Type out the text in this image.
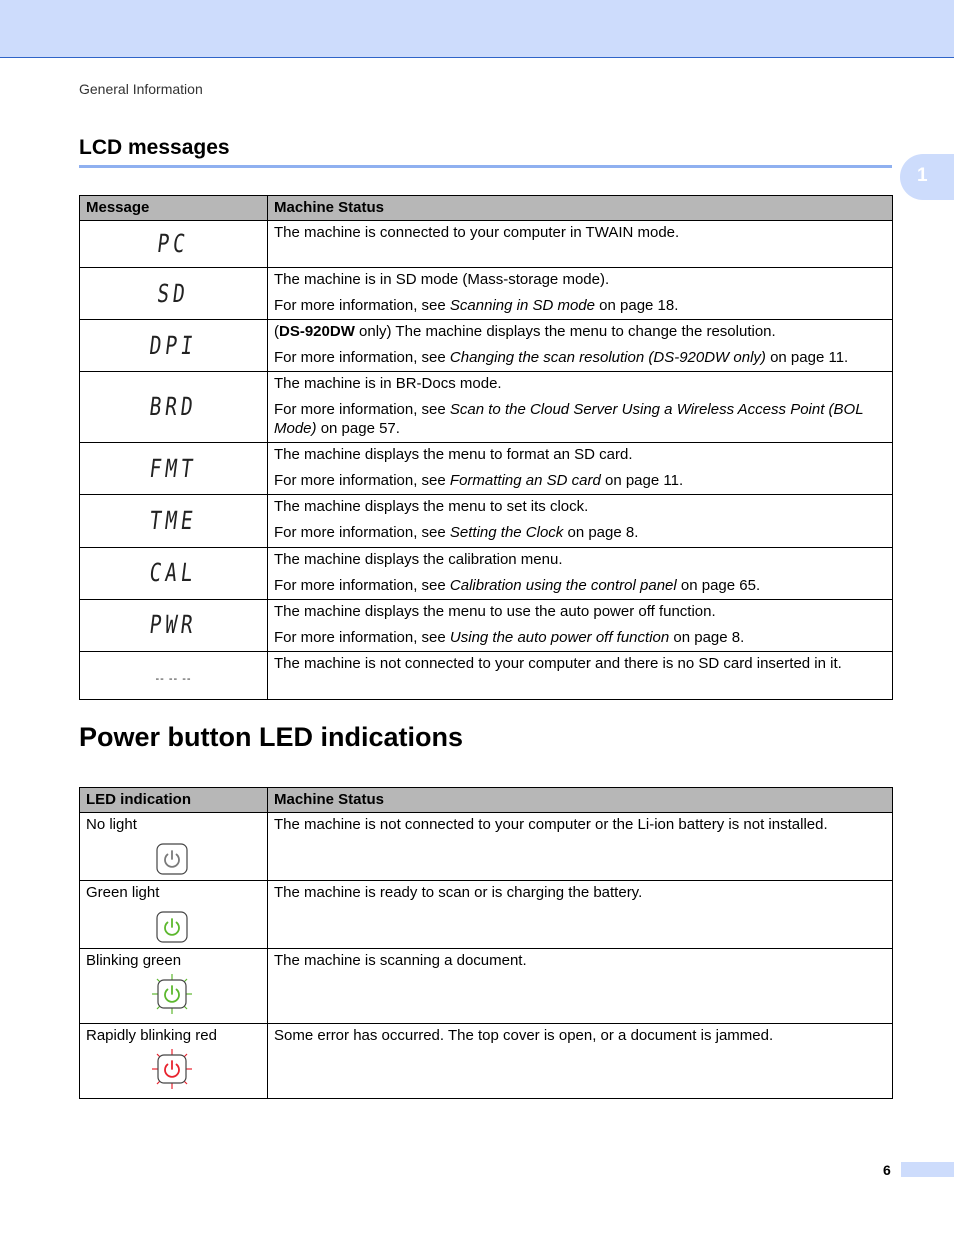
General Information
1
LCD messages
Message	Machine Status
PC	The machine is connected to your computer in TWAIN mode.

SD	The machine is in SD mode (Mass-storage mode).

For more information, see Scanning in SD mode on page 18.

DPI	(DS-920DW only) The machine displays the menu to change the resolution.

For more information, see Changing the scan resolution (DS-920DW only) on page 11.

BRD	The machine is in BR-Docs mode.

For more information, see Scan to the Cloud Server Using a Wireless Access Point (BOL Mode) on page 57.

FMT	The machine displays the menu to format an SD card.

For more information, see Formatting an SD card on page 11.

TME	The machine displays the menu to set its clock.

For more information, see Setting the Clock on page 8.

CAL	The machine displays the calibration menu.

For more information, see Calibration using the control panel on page 65.

PWR	The machine displays the menu to use the auto power off function.

For more information, see Using the auto power off function on page 8.

-- -- --	The machine is not connected to your computer and there is no SD card inserted in it.

Power button LED indications
LED indication	Machine Status
No light	The machine is not connected to your computer or the Li-ion battery is not installed.

Green light	The machine is ready to scan or is charging the battery.

Blinking green	The machine is scanning a document.

Rapidly blinking red	Some error has occurred. The top cover is open, or a document is jammed.

6
